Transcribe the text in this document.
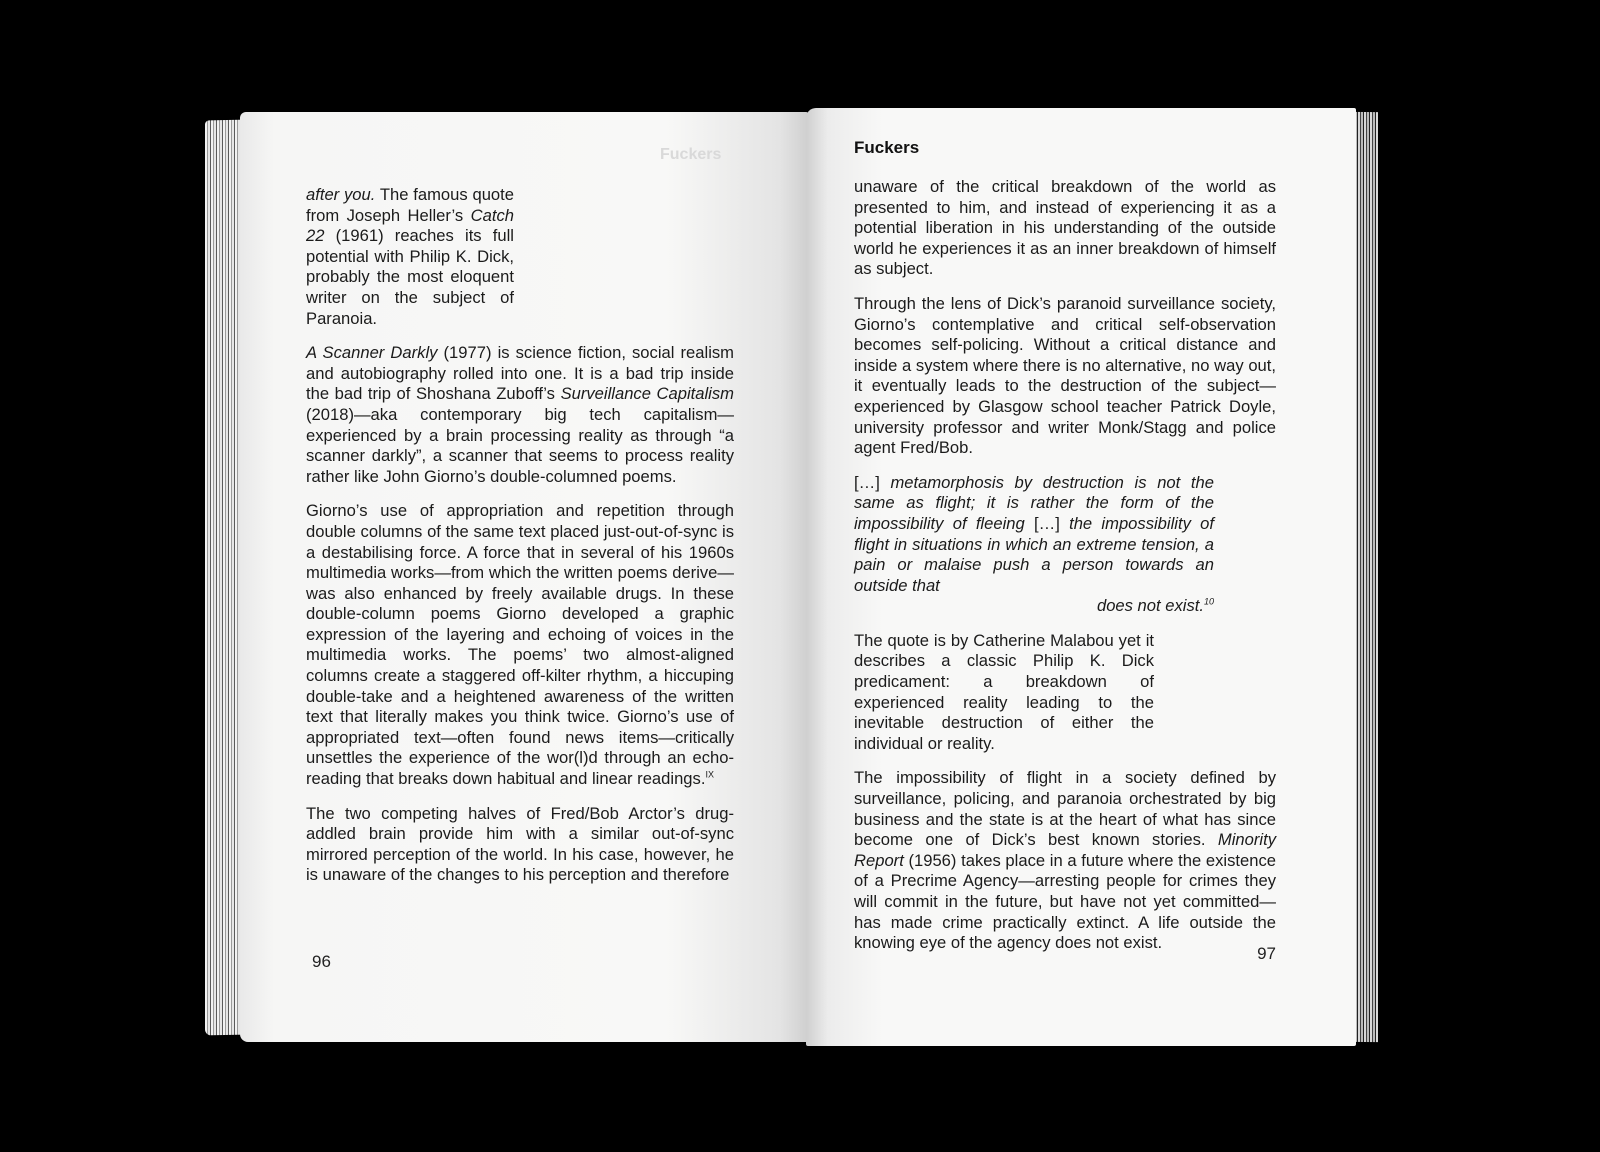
Fuckers

after you. The famous quote from Joseph Heller’s Catch 22 (1961) reaches its full potential with Philip K. Dick, probably the most eloquent writer on the subject of Paranoia.

A Scanner Darkly (1977) is science fiction, social realism and autobiography rolled into one. It is a bad trip inside the bad trip of Shoshana Zuboff’s Surveillance Capitalism (2018)—aka contemporary big tech capitalism—experienced by a brain processing reality as through “a scanner darkly”, a scanner that seems to process reality rather like John Giorno’s double-columned poems.

Giorno’s use of appropriation and repetition through double columns of the same text placed just-out-of-sync is a destabilising force. A force that in several of his 1960s multimedia works—from which the written poems derive—was also enhanced by freely available drugs. In these double-column poems Giorno developed a graphic expression of the layering and echoing of voices in the multimedia works. The poems’ two almost-aligned columns create a staggered off-kilter rhythm, a hiccuping double-take and a heightened awareness of the written text that literally makes you think twice. Giorno’s use of appropriated text—often found news items—critically unsettles the experience of the wor(l)d through an echo-reading that breaks down habitual and linear readings.$^{IX}$

The two competing halves of Fred/Bob Arctor’s drug-addled brain provide him with a similar out-of-sync mirrored perception of the world. In his case, however, he is unaware of the changes to his perception and therefore

96
Fuckers

unaware of the critical breakdown of the world as presented to him, and instead of experiencing it as a potential liberation in his understanding of the outside world he experiences it as an inner breakdown of himself as subject.

Through the lens of Dick’s paranoid surveillance society, Giorno’s contemplative and critical self-observation becomes self-policing. Without a critical distance and inside a system where there is no alternative, no way out, it eventually leads to the destruction of the subject—experienced by Glasgow school teacher Patrick Doyle, university professor and writer Monk/Stagg and police agent Fred/Bob.

[…] metamorphosis by destruction is not the same as flight; it is rather the form of the impossibility of fleeing […] the impossibility of flight in situations in which an extreme tension, a pain or malaise push a person towards an outside that
does not exist.$^{10}$

The quote is by Catherine Malabou yet it describes a classic Philip K. Dick predicament: a breakdown of experienced reality leading to the inevitable destruction of either the individual or reality.

The impossibility of flight in a society defined by surveillance, policing, and paranoia orchestrated by big business and the state is at the heart of what has since become one of Dick’s best known stories. Minority Report (1956) takes place in a future where the existence of a Precrime Agency—arresting people for crimes they will commit in the future, but have not yet committed—has made crime practically extinct. A life outside the knowing eye of the agency does not exist.

97
